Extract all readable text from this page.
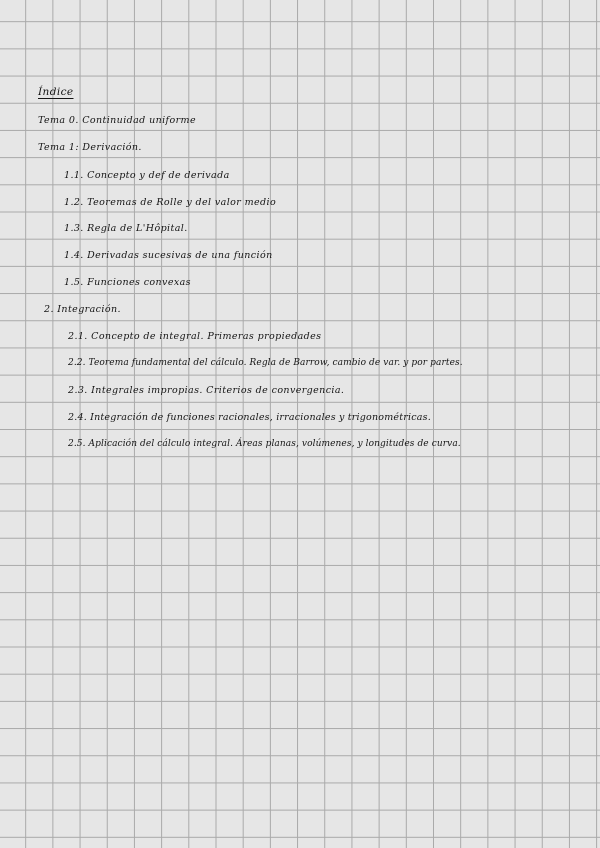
Índice
Tema 0. Continuidad uniforme
Tema 1: Derivación.
1.1. Concepto y def de derivada
1.2. Teoremas de Rolle y del valor medio
1.3. Regla de L'Hôpital.
1.4. Derivadas sucesivas de una función
1.5. Funciones convexas
2. Integración.
2.1. Concepto de integral. Primeras propiedades
2.2. Teorema fundamental del cálculo. Regla de Barrow, cambio de var. y por partes.
2.3. Integrales impropias. Criterios de convergencia.
2.4. Integración de funciones racionales, irracionales y trigonométricas.
2.5. Aplicación del cálculo integral. Áreas planas, volúmenes, y longitudes de curva.
